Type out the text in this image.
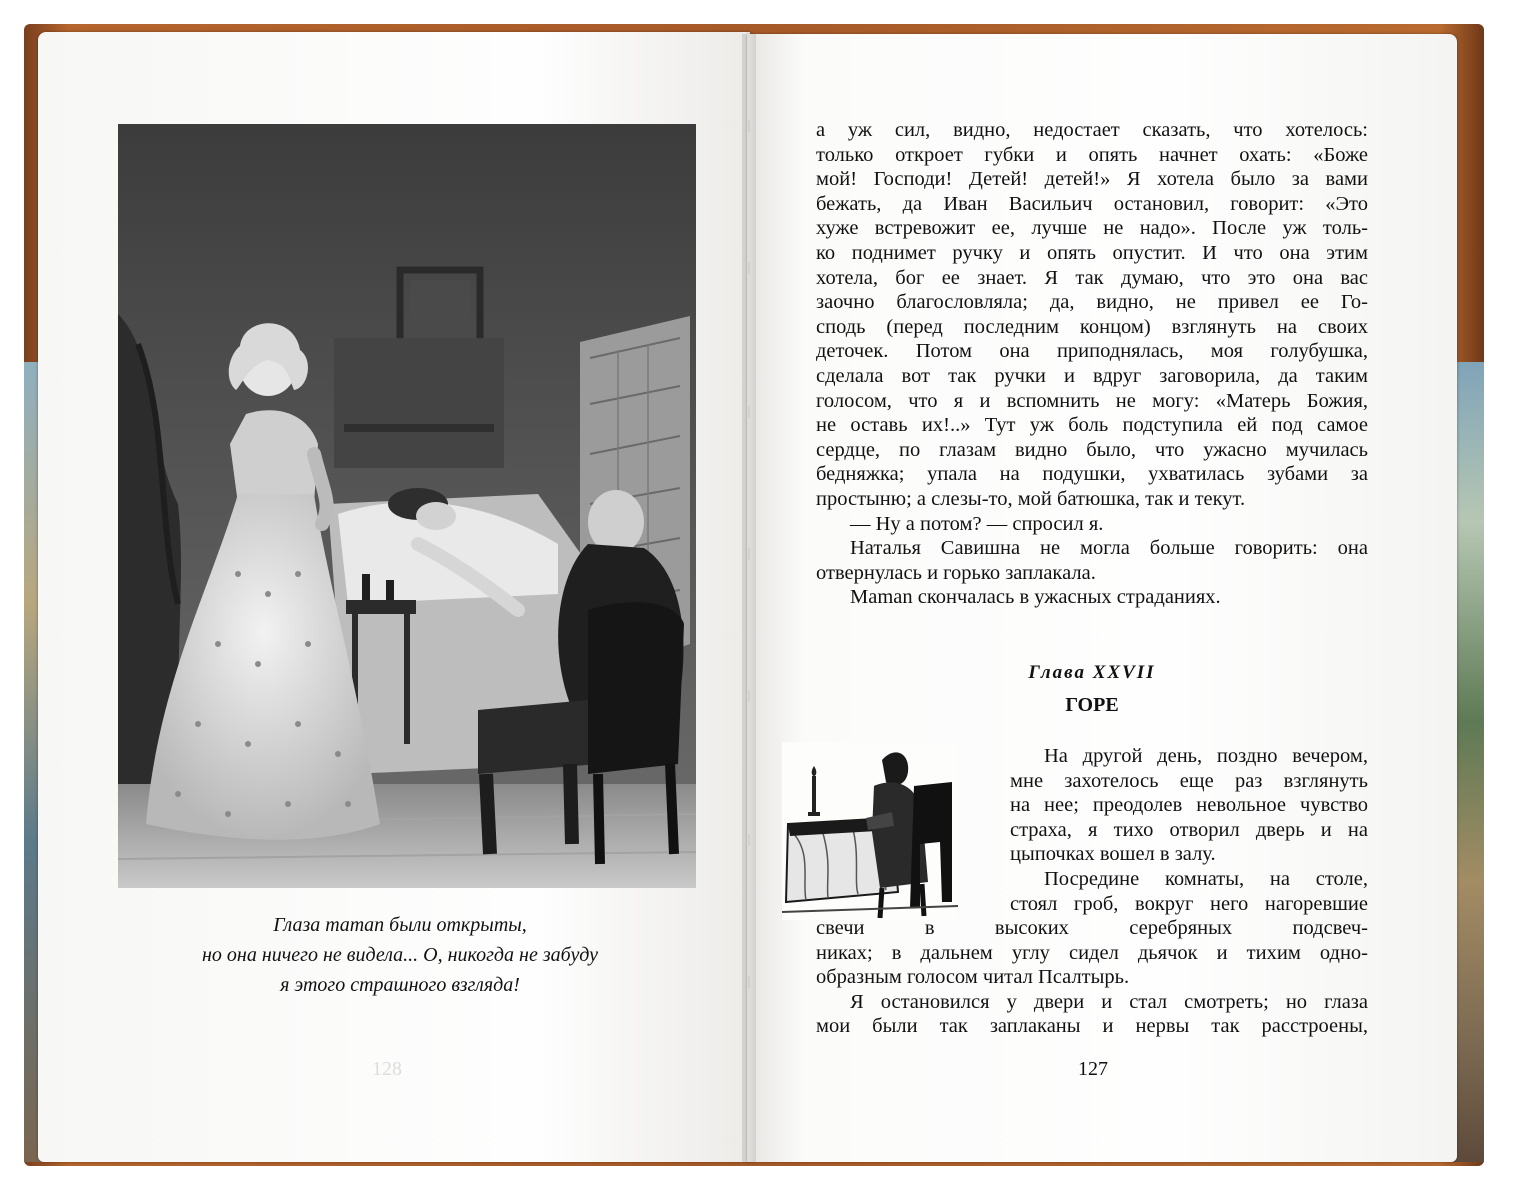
Глаза maman были открыты,
но она ничего не видела... О, никогда не забуду
я этого страшного взгляда!
128
а уж сил, видно, недостает сказать, что хотелось:
только откроет губки и опять начнет охать: «Боже
мой! Господи! Детей! детей!» Я хотела было за вами
бежать, да Иван Васильич остановил, говорит: «Это
хуже встревожит ее, лучше не надо». После уж толь-
ко поднимет ручку и опять опустит. И что она этим
хотела, бог ее знает. Я так думаю, что это она вас
заочно благословляла; да, видно, не привел ее Го-
сподь (перед последним концом) взглянуть на своих
деточек. Потом она приподнялась, моя голубушка,
сделала вот так ручки и вдруг заговорила, да таким
голосом, что я и вспомнить не могу: «Матерь Божия,
не оставь их!..» Тут уж боль подступила ей под самое
сердце, по глазам видно было, что ужасно мучилась
бедняжка; упала на подушки, ухватилась зубами за
простыню; а слезы-то, мой батюшка, так и текут.
— Ну а потом? — спросил я.
Наталья Савишна не могла больше говорить: она
отвернулась и горько заплакала.
Maman скончалась в ужасных страданиях.
Глава XXVII
ГОРЕ
На другой день, поздно вечером,
мне захотелось еще раз взглянуть
на нее; преодолев невольное чувство
страха, я тихо отворил дверь и на
цыпочках вошел в залу.
Посредине комнаты, на столе,
стоял гроб, вокруг него нагоревшие
свечи в высоких серебряных подсвеч-
никах; в дальнем углу сидел дьячок и тихим одно-
образным голосом читал Псалтырь.
Я остановился у двери и стал смотреть; но глаза
мои были так заплаканы и нервы так расстроены,
127
